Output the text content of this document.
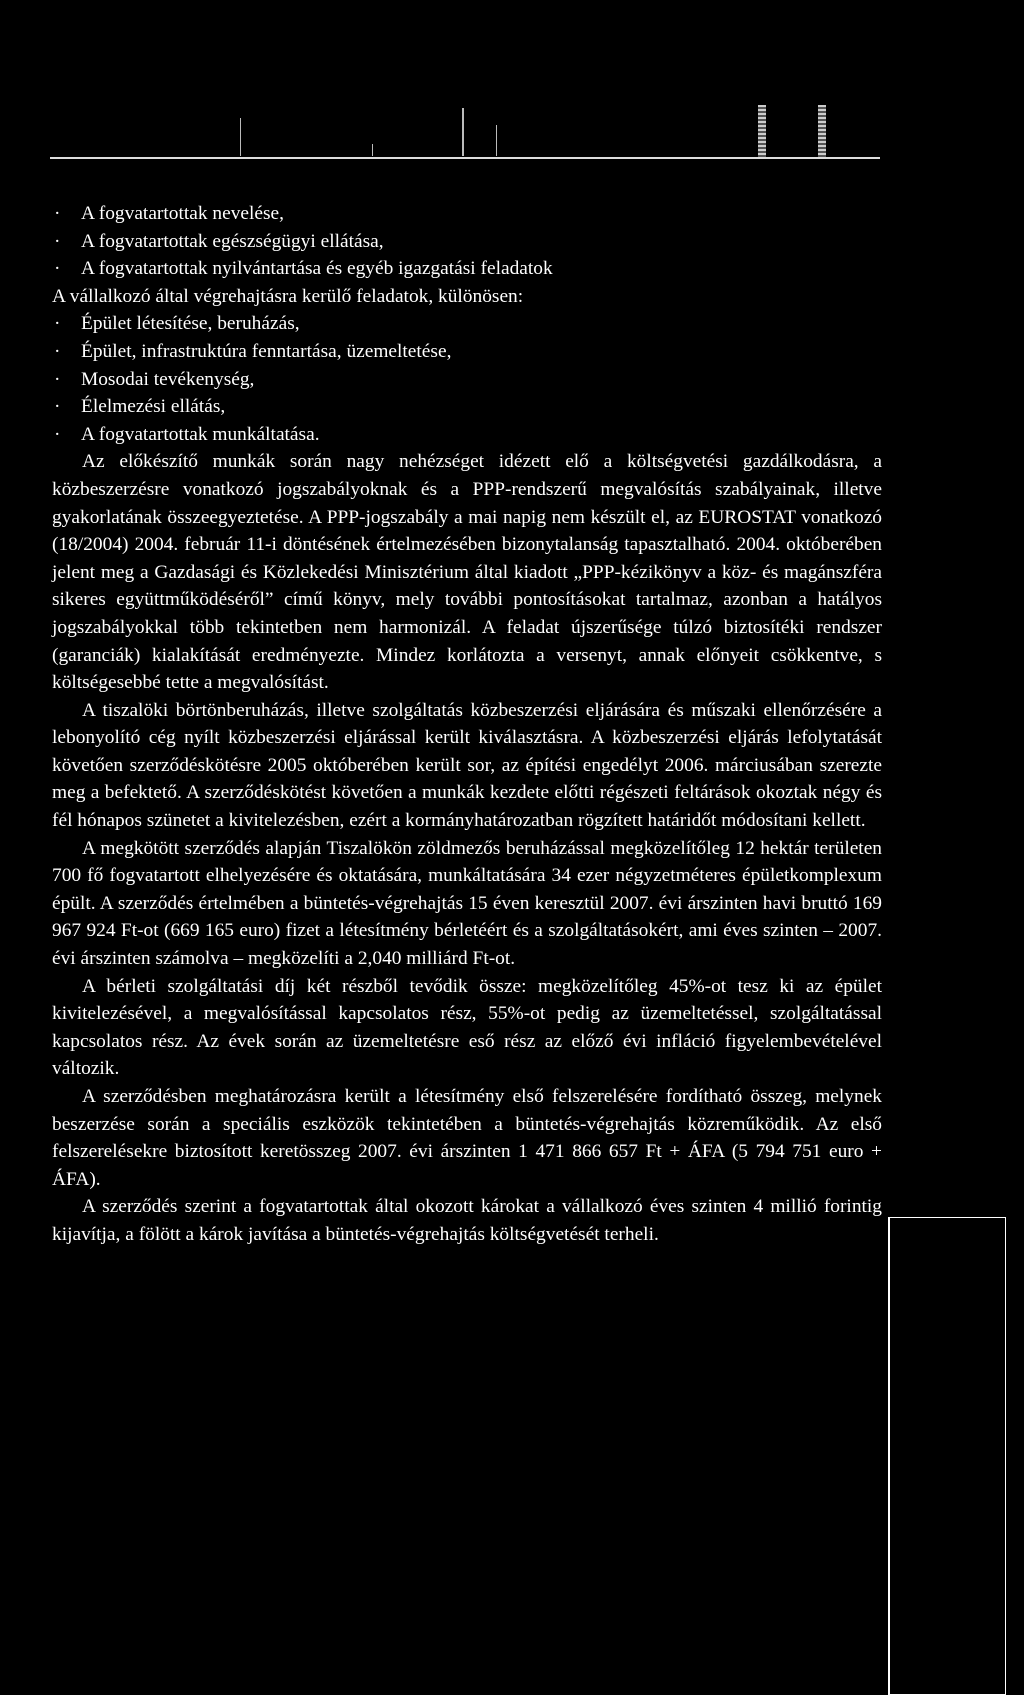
· A fogvatartottak nevelése,
· A fogvatartottak egészségügyi ellátása,
· A fogvatartottak nyilvántartása és egyéb igazgatási feladatok

A vállalkozó által végrehajtásra kerülő feladatok, különösen:

· Épület létesítése, beruházás,
· Épület, infrastruktúra fenntartása, üzemeltetése,
· Mosodai tevékenység,
· Élelmezési ellátás,
· A fogvatartottak munkáltatása.

Az előkészítő munkák során nagy nehézséget idézett elő a költségvetési gazdálkodásra, a közbeszerzésre vonatkozó jogszabályoknak és a PPP-rendszerű megvalósítás szabályainak, illetve gyakorlatának összeegyeztetése. A PPP-jogszabály a mai napig nem készült el, az EUROSTAT vonatkozó (18/2004) 2004. február 11-i döntésének értelmezésében bizonytalanság tapasztalható. 2004. októberében jelent meg a Gazdasági és Közlekedési Minisztérium által kiadott „PPP-kézikönyv a köz- és magánszféra sikeres együttműködéséről” című könyv, mely további pontosításokat tartalmaz, azonban a hatályos jogszabályokkal több tekintetben nem harmonizál. A feladat újszerűsége túlzó biztosítéki rendszer (garanciák) kialakítását eredményezte. Mindez korlátozta a versenyt, annak előnyeit csökkentve, s költségesebbé tette a megvalósítást.

A tiszalöki börtönberuházás, illetve szolgáltatás közbeszerzési eljárására és műszaki ellenőrzésére a lebonyolító cég nyílt közbeszerzési eljárással került kiválasztásra. A közbeszerzési eljárás lefolytatását követően szerződéskötésre 2005 októberében került sor, az építési engedélyt 2006. márciusában szerezte meg a befektető. A szerződéskötést követően a munkák kezdete előtti régészeti feltárások okoztak négy és fél hónapos szünetet a kivitelezésben, ezért a kormányhatározatban rögzített határidőt módosítani kellett.

A megkötött szerződés alapján Tiszalökön zöldmezős beruházással megközelítőleg 12 hektár területen 700 fő fogvatartott elhelyezésére és oktatására, munkáltatására 34 ezer négyzetméteres épületkomplexum épült. A szerződés értelmében a büntetés-végrehajtás 15 éven keresztül 2007. évi árszinten havi bruttó 169 967 924 Ft-ot (669 165 euro) fizet a létesítmény bérletéért és a szolgáltatásokért, ami éves szinten – 2007. évi árszinten számolva – megközelíti a 2,040 milliárd Ft-ot.

A bérleti szolgáltatási díj két részből tevődik össze: megközelítőleg 45%-ot tesz ki az épület kivitelezésével, a megvalósítással kapcsolatos rész, 55%-ot pedig az üzemeltetéssel, szolgáltatással kapcsolatos rész. Az évek során az üzemeltetésre eső rész az előző évi infláció figyelembevételével változik.

A szerződésben meghatározásra került a létesítmény első felszerelésére fordítható összeg, melynek beszerzése során a speciális eszközök tekintetében a büntetés-végrehajtás közreműködik. Az első felszerelésekre biztosított keretösszeg 2007. évi árszinten 1 471 866 657 Ft + ÁFA (5 794 751 euro + ÁFA).

A szerződés szerint a fogvatartottak által okozott károkat a vállalkozó éves szinten 4 millió forintig kijavítja, a fölött a károk javítása a büntetés-végrehajtás költségvetését terheli.
